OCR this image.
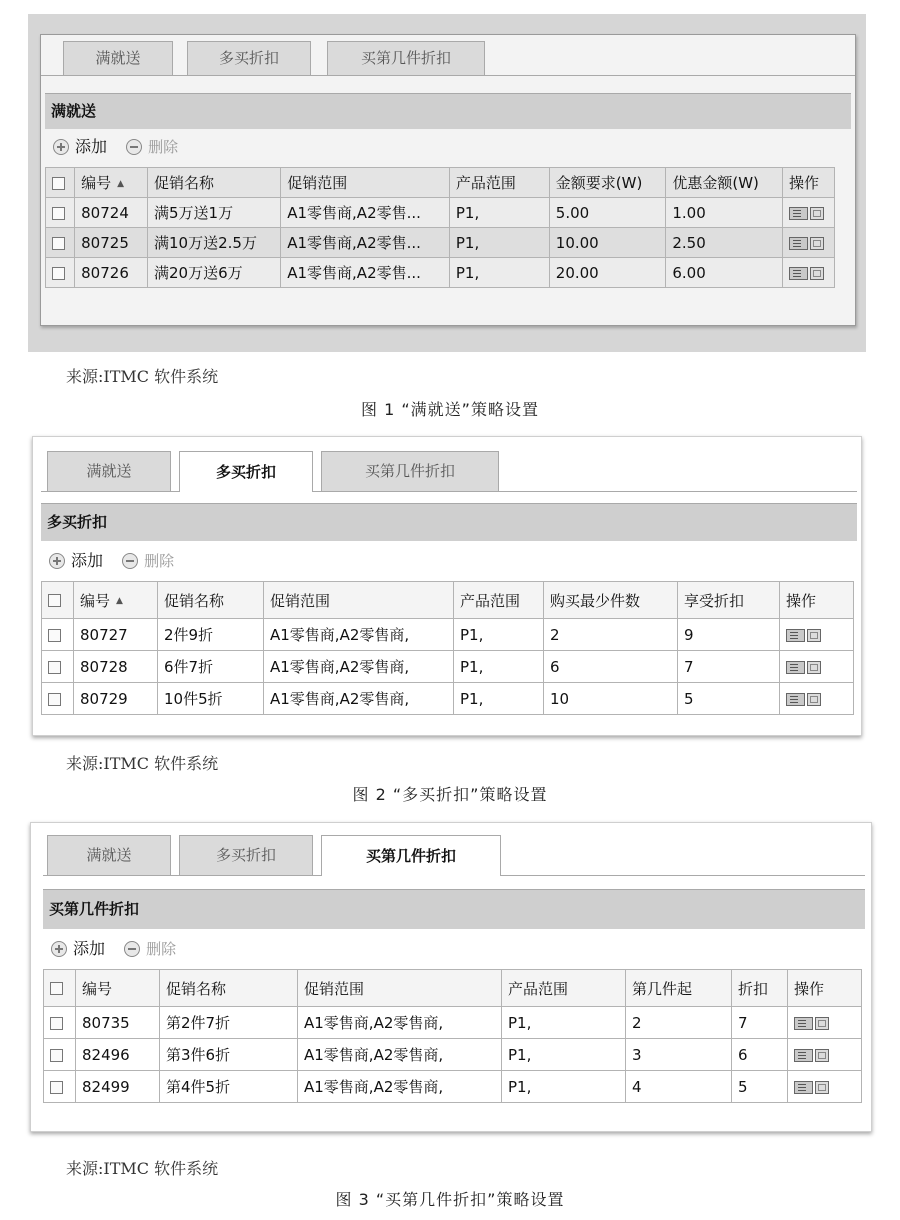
满就送	多买折扣	买第几件折扣
满就送
添加
	删除
	编号 ▲	促销名称	促销范围	产品范围	金额要求(W)	优惠金额(W)	操作
	80724	满5万送1万	A1零售商,A2零售...	P1,	5.00	1.00	

	80725	满10万送2.5万	A1零售商,A2零售...	P1,	10.00	2.50	

	80726	满20万送6万	A1零售商,A2零售...	P1,	20.00	6.00	
来源:ITMC 软件系统
图 1 “满就送”策略设置
满就送	多买折扣	买第几件折扣
多买折扣
添加
	删除
	编号 ▲	促销名称	促销范围	产品范围	购买最少件数	享受折扣	操作
	80727	2件9折	A1零售商,A2零售商,	P1,	2	9	

	80728	6件7折	A1零售商,A2零售商,	P1,	6	7	

	80729	10件5折	A1零售商,A2零售商,	P1,	10	5	
来源:ITMC 软件系统
图 2 “多买折扣”策略设置
满就送	多买折扣	买第几件折扣
买第几件折扣
添加
	删除
	编号	促销名称	促销范围	产品范围	第几件起	折扣	操作
	80735	第2件7折	A1零售商,A2零售商,	P1,	2	7	

	82496	第3件6折	A1零售商,A2零售商,	P1,	3	6	

	82499	第4件5折	A1零售商,A2零售商,	P1,	4	5	
来源:ITMC 软件系统
图 3 “买第几件折扣”策略设置
